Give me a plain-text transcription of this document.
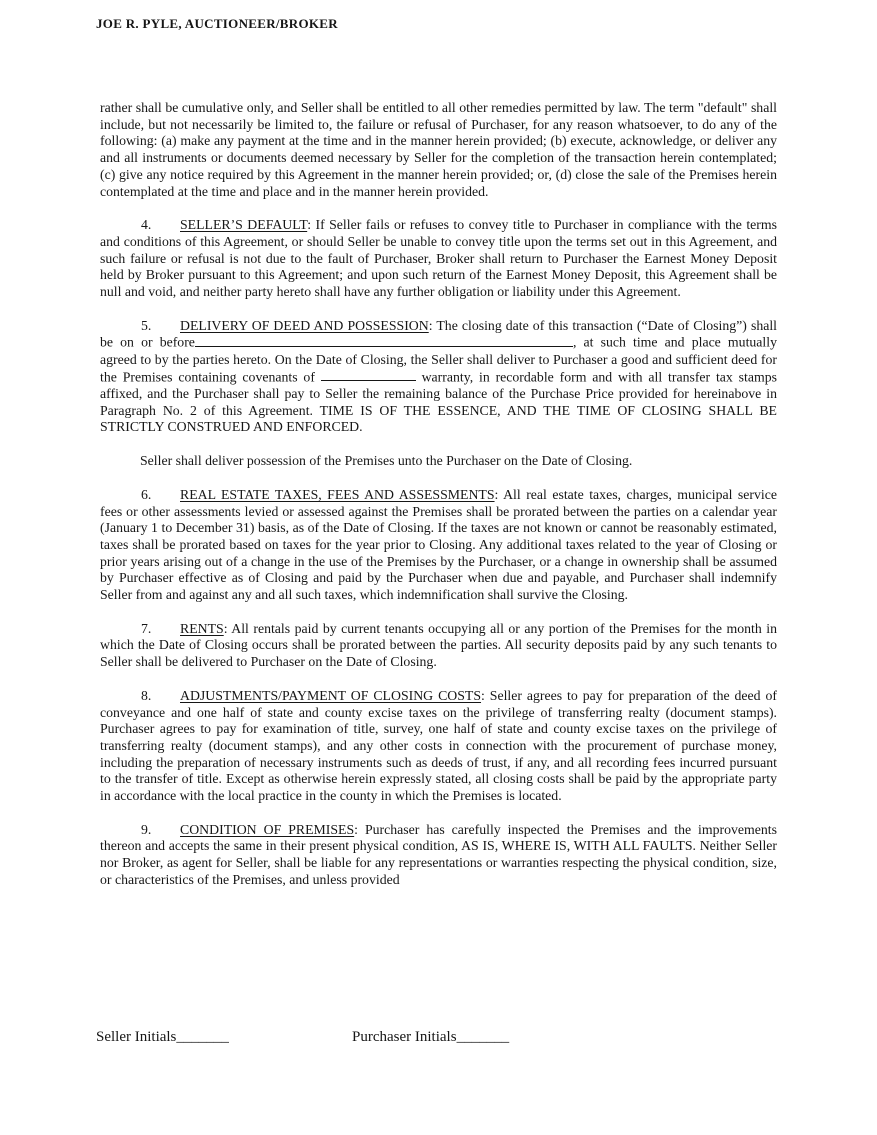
JOE R. PYLE, AUCTIONEER/BROKER

rather shall be cumulative only, and Seller shall be entitled to all other remedies permitted by law. The term "default" shall include, but not necessarily be limited to, the failure or refusal of Purchaser, for any reason whatsoever, to do any of the following: (a) make any payment at the time and in the manner herein provided; (b) execute, acknowledge, or deliver any and all instruments or documents deemed necessary by Seller for the completion of the transaction herein contemplated; (c) give any notice required by this Agreement in the manner herein provided; or, (d) close the sale of the Premises herein contemplated at the time and place and in the manner herein provided.

4. SELLER’S DEFAULT: If Seller fails or refuses to convey title to Purchaser in compliance with the terms and conditions of this Agreement, or should Seller be unable to convey title upon the terms set out in this Agreement, and such failure or refusal is not due to the fault of Purchaser, Broker shall return to Purchaser the Earnest Money Deposit held by Broker pursuant to this Agreement; and upon such return of the Earnest Money Deposit, this Agreement shall be null and void, and neither party hereto shall have any further obligation or liability under this Agreement.

5. DELIVERY OF DEED AND POSSESSION: The closing date of this transaction (“Date of Closing”) shall be on or before	, at such time and place mutually agreed to by the parties hereto. On the Date of Closing, the Seller shall deliver to Purchaser a good and sufficient deed for the Premises containing covenants of	warranty, in recordable form and with all transfer tax stamps affixed, and the Purchaser shall pay to Seller the remaining balance of the Purchase Price provided for hereinabove in Paragraph No. 2 of this Agreement. TIME IS OF THE ESSENCE, AND THE TIME OF CLOSING SHALL BE STRICTLY CONSTRUED AND ENFORCED.

Seller shall deliver possession of the Premises unto the Purchaser on the Date of Closing.

6. REAL ESTATE TAXES, FEES AND ASSESSMENTS: All real estate taxes, charges, municipal service fees or other assessments levied or assessed against the Premises shall be prorated between the parties on a calendar year (January 1 to December 31) basis, as of the Date of Closing. If the taxes are not known or cannot be reasonably estimated, taxes shall be prorated based on taxes for the year prior to Closing. Any additional taxes related to the year of Closing or prior years arising out of a change in the use of the Premises by the Purchaser, or a change in ownership shall be assumed by Purchaser effective as of Closing and paid by the Purchaser when due and payable, and Purchaser shall indemnify Seller from and against any and all such taxes, which indemnification shall survive the Closing.

7. RENTS: All rentals paid by current tenants occupying all or any portion of the Premises for the month in which the Date of Closing occurs shall be prorated between the parties. All security deposits paid by any such tenants to Seller shall be delivered to Purchaser on the Date of Closing.

8. ADJUSTMENTS/PAYMENT OF CLOSING COSTS: Seller agrees to pay for preparation of the deed of conveyance and one half of state and county excise taxes on the privilege of transferring realty (document stamps). Purchaser agrees to pay for examination of title, survey, one half of state and county excise taxes on the privilege of transferring realty (document stamps), and any other costs in connection with the procurement of purchase money, including the preparation of necessary instruments such as deeds of trust, if any, and all recording fees incurred pursuant to the transfer of title. Except as otherwise herein expressly stated, all closing costs shall be paid by the appropriate party in accordance with the local practice in the county in which the Premises is located.

9. CONDITION OF PREMISES: Purchaser has carefully inspected the Premises and the improvements thereon and accepts the same in their present physical condition, AS IS, WHERE IS, WITH ALL FAULTS. Neither Seller nor Broker, as agent for Seller, shall be liable for any representations or warranties respecting the physical condition, size, or characteristics of the Premises, and unless provided

Seller Initials_______	Purchaser Initials_______
